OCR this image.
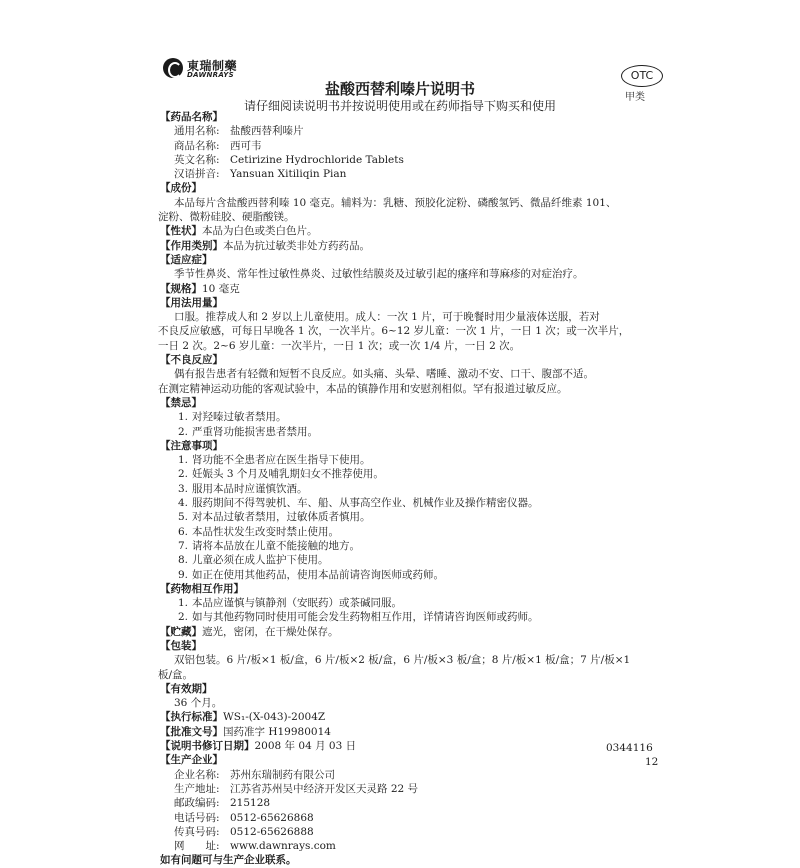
東瑞制藥
DAWNRAYS	OTC
甲类
盐酸西替利嗪片说明书
请仔细阅读说明书并按说明使用或在药师指导下购买和使用
【药品名称】
通用名称: 盐酸西替利嗪片
商品名称: 西可韦
英文名称: Cetirizine Hydrochloride Tablets
汉语拼音: Yansuan Xitiliqin Pian
【成份】
本品每片含盐酸西替利嗪 10 毫克。辅料为：乳糖、预胶化淀粉、磷酸氢钙、微晶纤维素 101、
淀粉、微粉硅胶、硬脂酸镁。
【性状】本品为白色或类白色片。
【作用类别】本品为抗过敏类非处方药药品。
【适应症】
季节性鼻炎、常年性过敏性鼻炎、过敏性结膜炎及过敏引起的瘙痒和荨麻疹的对症治疗。
【规格】10 毫克
【用法用量】
口服。推荐成人和 2 岁以上儿童使用。成人：一次 1 片，可于晚餐时用少量液体送服，若对
不良反应敏感，可每日早晚各 1 次，一次半片。6~12 岁儿童：一次 1 片，一日 1 次；或一次半片，
一日 2 次。2~6 岁儿童：一次半片，一日 1 次；或一次 1/4 片，一日 2 次。
【不良反应】
偶有报告患者有轻微和短暂不良反应。如头痛、头晕、嗜睡、激动不安、口干、腹部不适。
在测定精神运动功能的客观试验中，本品的镇静作用和安慰剂相似。罕有报道过敏反应。
【禁忌】
1. 对羟嗪过敏者禁用。
2. 严重肾功能损害患者禁用。
【注意事项】
1. 肾功能不全患者应在医生指导下使用。
2. 妊娠头 3 个月及哺乳期妇女不推荐使用。
3. 服用本品时应谨慎饮酒。
4. 服药期间不得驾驶机、车、船、从事高空作业、机械作业及操作精密仪器。
5. 对本品过敏者禁用，过敏体质者慎用。
6. 本品性状发生改变时禁止使用。
7. 请将本品放在儿童不能接触的地方。
8. 儿童必须在成人监护下使用。
9. 如正在使用其他药品，使用本品前请咨询医师或药师。
【药物相互作用】
1. 本品应谨慎与镇静剂（安眠药）或茶碱同服。
2. 如与其他药物同时使用可能会发生药物相互作用，详情请咨询医师或药师。
【贮藏】遮光，密闭，在干燥处保存。
【包装】
双铝包装。6 片/板×1 板/盒，6 片/板×2 板/盒，6 片/板×3 板/盒；8 片/板×1 板/盒；7 片/板×1
板/盒。
【有效期】
36 个月。
【执行标准】WS₁-(X-043)-2004Z
【批准文号】国药准字 H19980014
【说明书修订日期】2008 年 04 月 03 日
【生产企业】
企业名称: 苏州东瑞制药有限公司
生产地址: 江苏省苏州吴中经济开发区天灵路 22 号
邮政编码: 215128
电话号码: 0512-65626868
传真号码: 0512-65626888
网　　址: www.dawnrays.com
如有问题可与生产企业联系。
0344116
12
